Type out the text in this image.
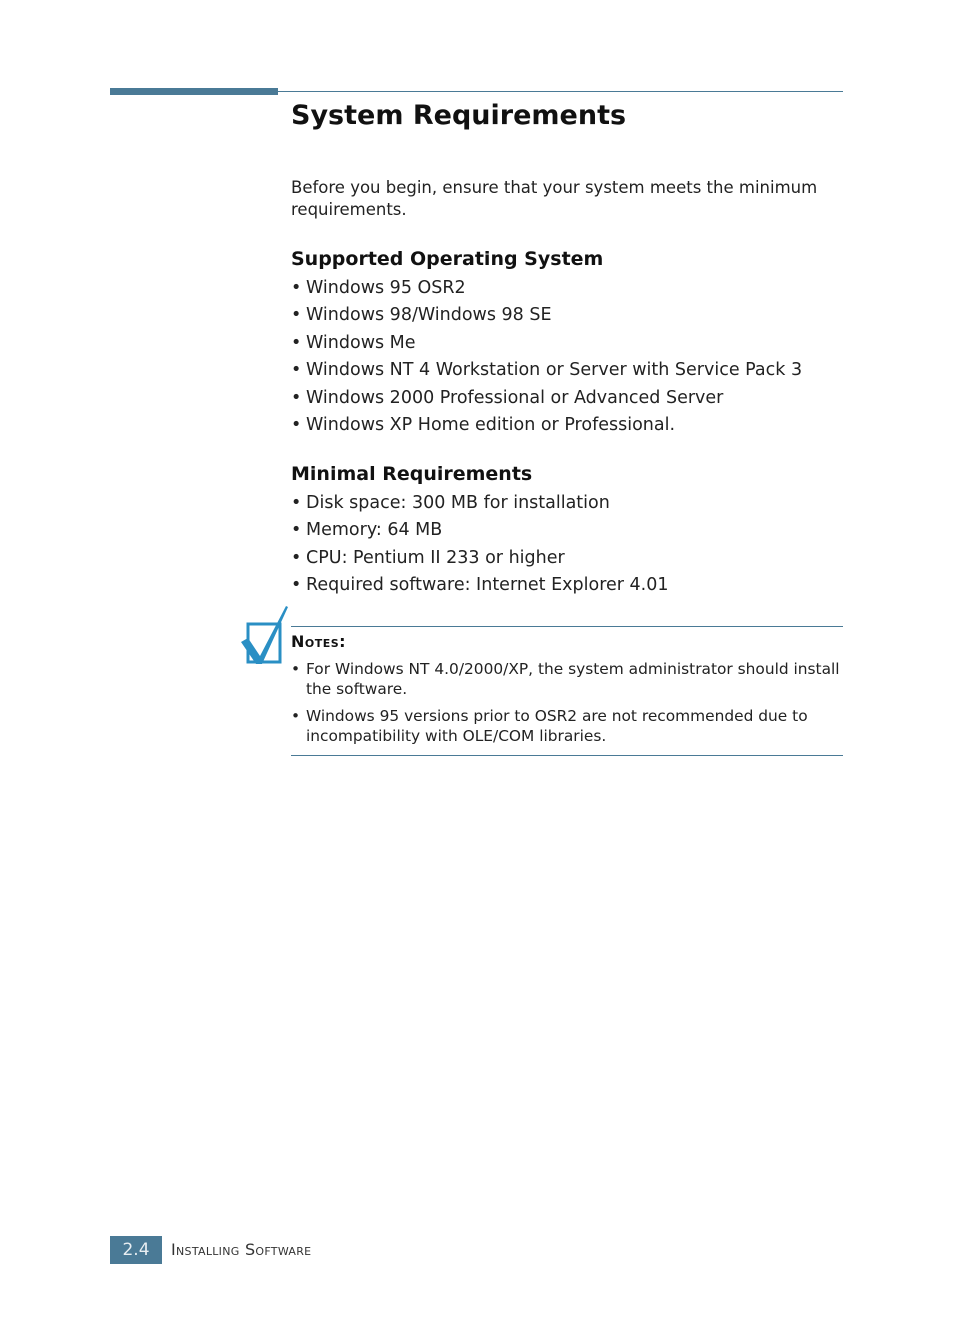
System Requirements

Before you begin, ensure that your system meets the minimum requirements.

Supported Operating System
• Windows 95 OSR2
• Windows 98/Windows 98 SE
• Windows Me
• Windows NT 4 Workstation or Server with Service Pack 3
• Windows 2000 Professional or Advanced Server
• Windows XP Home edition or Professional.
Minimal Requirements
• Disk space: 300 MB for installation
• Memory: 64 MB
• CPU: Pentium II 233 or higher
• Required software: Internet Explorer 4.01
Notes:
• For Windows NT 4.0/2000/XP, the system administrator should install the software.
• Windows 95 versions prior to OSR2 are not recommended due to incompatibility with OLE/COM libraries.
2.4	Installing Software
